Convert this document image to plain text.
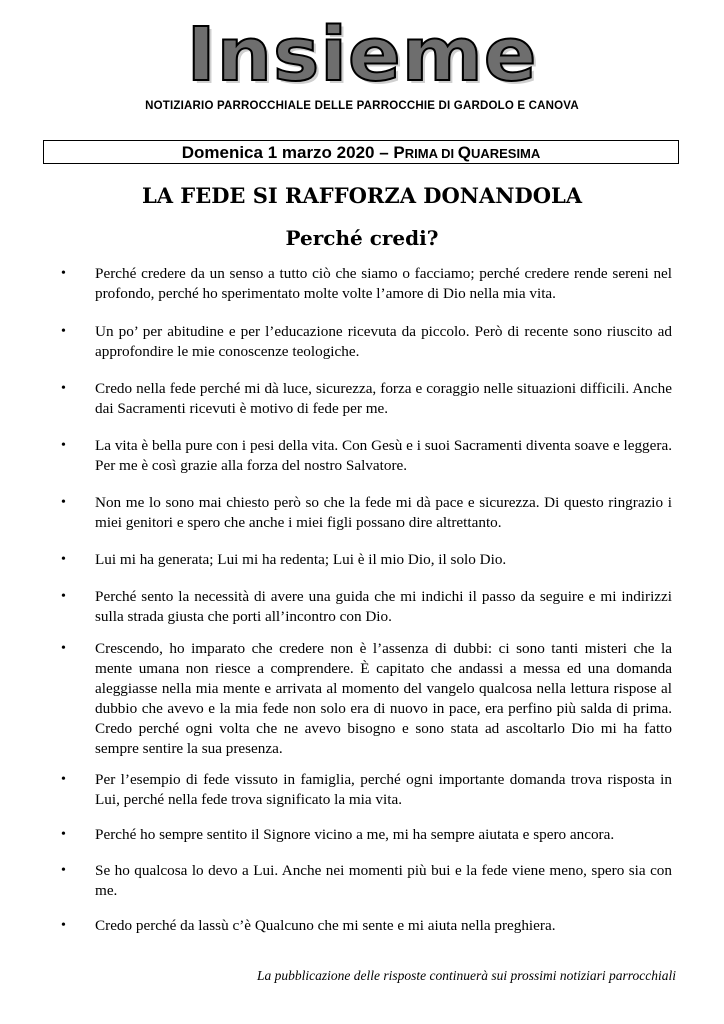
Insieme
NOTIZIARIO PARROCCHIALE DELLE PARROCCHIE DI GARDOLO E CANOVA
Domenica 1 marzo 2020 – PRIMA DI QUARESIMA
LA FEDE SI RAFFORZA DONANDOLA
Perché credi?
• Perché credere da un senso a tutto ciò che siamo o facciamo; perché credere rende sereni nel profondo, perché ho sperimentato molte volte l’amore di Dio nella mia vita.
• Un po’ per abitudine e per l’educazione ricevuta da piccolo. Però di recente sono riuscito ad approfondire le mie conoscenze teologiche.
• Credo nella fede perché mi dà luce, sicurezza, forza e coraggio nelle situazioni difficili. Anche dai Sacramenti ricevuti è motivo di fede per me.
• La vita è bella pure con i pesi della vita. Con Gesù e i suoi Sacramenti diventa soave e leggera. Per me è così grazie alla forza del nostro Salvatore.
• Non me lo sono mai chiesto però so che la fede mi dà pace e sicurezza. Di questo ringrazio i miei genitori e spero che anche i miei figli possano dire altrettanto.
• Lui mi ha generata; Lui mi ha redenta; Lui è il mio Dio, il solo Dio.
• Perché sento la necessità di avere una guida che mi indichi il passo da seguire e mi indirizzi sulla strada giusta che porti all’incontro con Dio.
• Crescendo, ho imparato che credere non è l’assenza di dubbi: ci sono tanti misteri che la mente umana non riesce a comprendere. È capitato che andassi a messa ed una domanda aleggiasse nella mia mente e arrivata al momento del vangelo qualcosa nella lettura rispose al dubbio che avevo e la mia fede non solo era di nuovo in pace, era perfino più salda di prima. Credo perché ogni volta che ne avevo bisogno e sono stata ad ascoltarlo Dio mi ha fatto sempre sentire la sua presenza.
• Per l’esempio di fede vissuto in famiglia, perché ogni importante domanda trova risposta in Lui, perché nella fede trova significato la mia vita.
• Perché ho sempre sentito il Signore vicino a me, mi ha sempre aiutata e spero ancora.
• Se ho qualcosa lo devo a Lui. Anche nei momenti più bui e la fede viene meno, spero sia con me.
• Credo perché da lassù c’è Qualcuno che mi sente e mi aiuta nella preghiera.
La pubblicazione delle risposte continuerà sui prossimi notiziari parrocchiali
